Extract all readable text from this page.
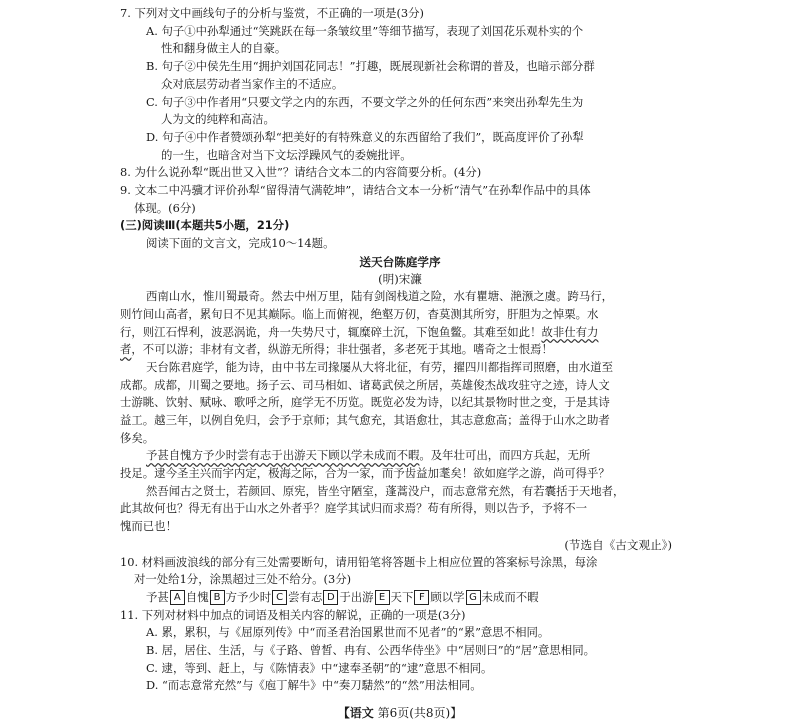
7. 下列对文中画线句子的分析与鉴赏，不正确的一项是(3分)
A. 句子①中孙犁通过“笑跳跃在每一条皱纹里”等细节描写，表现了刘国花乐观朴实的个
性和翻身做主人的自豪。
B. 句子②中侯先生用“拥护刘国花同志！”打趣，既展现新社会称谓的普及，也暗示部分群
众对底层劳动者当家作主的不适应。
C. 句子③中作者用“只要文学之内的东西，不要文学之外的任何东西”来突出孙犁先生为
人为文的纯粹和高洁。
D. 句子④中作者赞颂孙犁“把美好的有特殊意义的东西留给了我们”，既高度评价了孙犁
的一生，也暗含对当下文坛浮躁风气的委婉批评。
8. 为什么说孙犁“既出世又入世”？请结合文本二的内容简要分析。(4分)
9. 文本二中冯骥才评价孙犁“留得清气满乾坤”，请结合文本一分析“清气”在孙犁作品中的具体
体现。(6分)
(三)阅读Ⅲ(本题共5小题，21分)
阅读下面的文言文，完成10～14题。
送天台陈庭学序
(明)宋濂
西南山水，惟川蜀最奇。然去中州万里，陆有剑阁栈道之险，水有瞿塘、滟滪之虞。跨马行，
则竹间山高者，累旬日不见其巅际。临上而俯视，绝壑万仞，杳莫测其所穷，肝胆为之悼栗。水
行，则江石悍利，波恶涡诡，舟一失势尺寸，辄糜碎土沉，下饱鱼鳖。其难至如此！故非仕有力
者，不可以游；非材有文者，纵游无所得；非壮强者，多老死于其地。嗜奇之士恨焉！
天台陈君庭学，能为诗，由中书左司掾屡从大将北征，有劳，擢四川都指挥司照磨，由水道至
成都。成都，川蜀之要地。扬子云、司马相如、诸葛武侯之所居，英雄俊杰战攻驻守之迹，诗人文
士游眺、饮射、赋咏、歌呼之所，庭学无不历览。既览必发为诗，以纪其景物时世之变，于是其诗
益工。越三年，以例自免归，会予于京师；其气愈充，其语愈壮，其志意愈高；盖得于山水之助者
侈矣。
予甚自愧方予少时尝有志于出游天下顾以学未成而不暇。及年壮可出，而四方兵起，无所
投足。逮今圣主兴而宇内定，极海之际，合为一家，而予齿益加耄矣！欲如庭学之游，尚可得乎？
然吾闻古之贤士，若颜回、原宪，皆坐守陋室，蓬蒿没户，而志意常充然，有若囊括于天地者，
此其故何也？得无有出于山水之外者乎？庭学其试归而求焉？苟有所得，则以告予，予将不一
愧而已也！
(节选自《古文观止》)
10. 材料画波浪线的部分有三处需要断句，请用铅笔将答题卡上相应位置的答案标号涂黑，每涂
对一处给1分，涂黑超过三处不给分。(3分)
11. 下列对材料中加点的词语及相关内容的解说，正确的一项是(3分)
【语文 第6页(共8页)】
予甚 A 自愧 B 方予少时 C 尝有志 D 于出游 E 天下 F 顾以学 G 未成而不暇
A. 累，累积，与《屈原列传》中“而圣君治国累世而不见者”的“累”意思不相同。
B. 居，居住、生活，与《子路、曾皙、冉有、公西华侍坐》中“居则曰”的“居”意思相同。
C. 逮，等到、赶上，与《陈情表》中“逮奉圣朝”的“逮”意思不相同。
D. “而志意常充然”与《庖丁解牛》中“奏刀騞然”的“然”用法相同。
